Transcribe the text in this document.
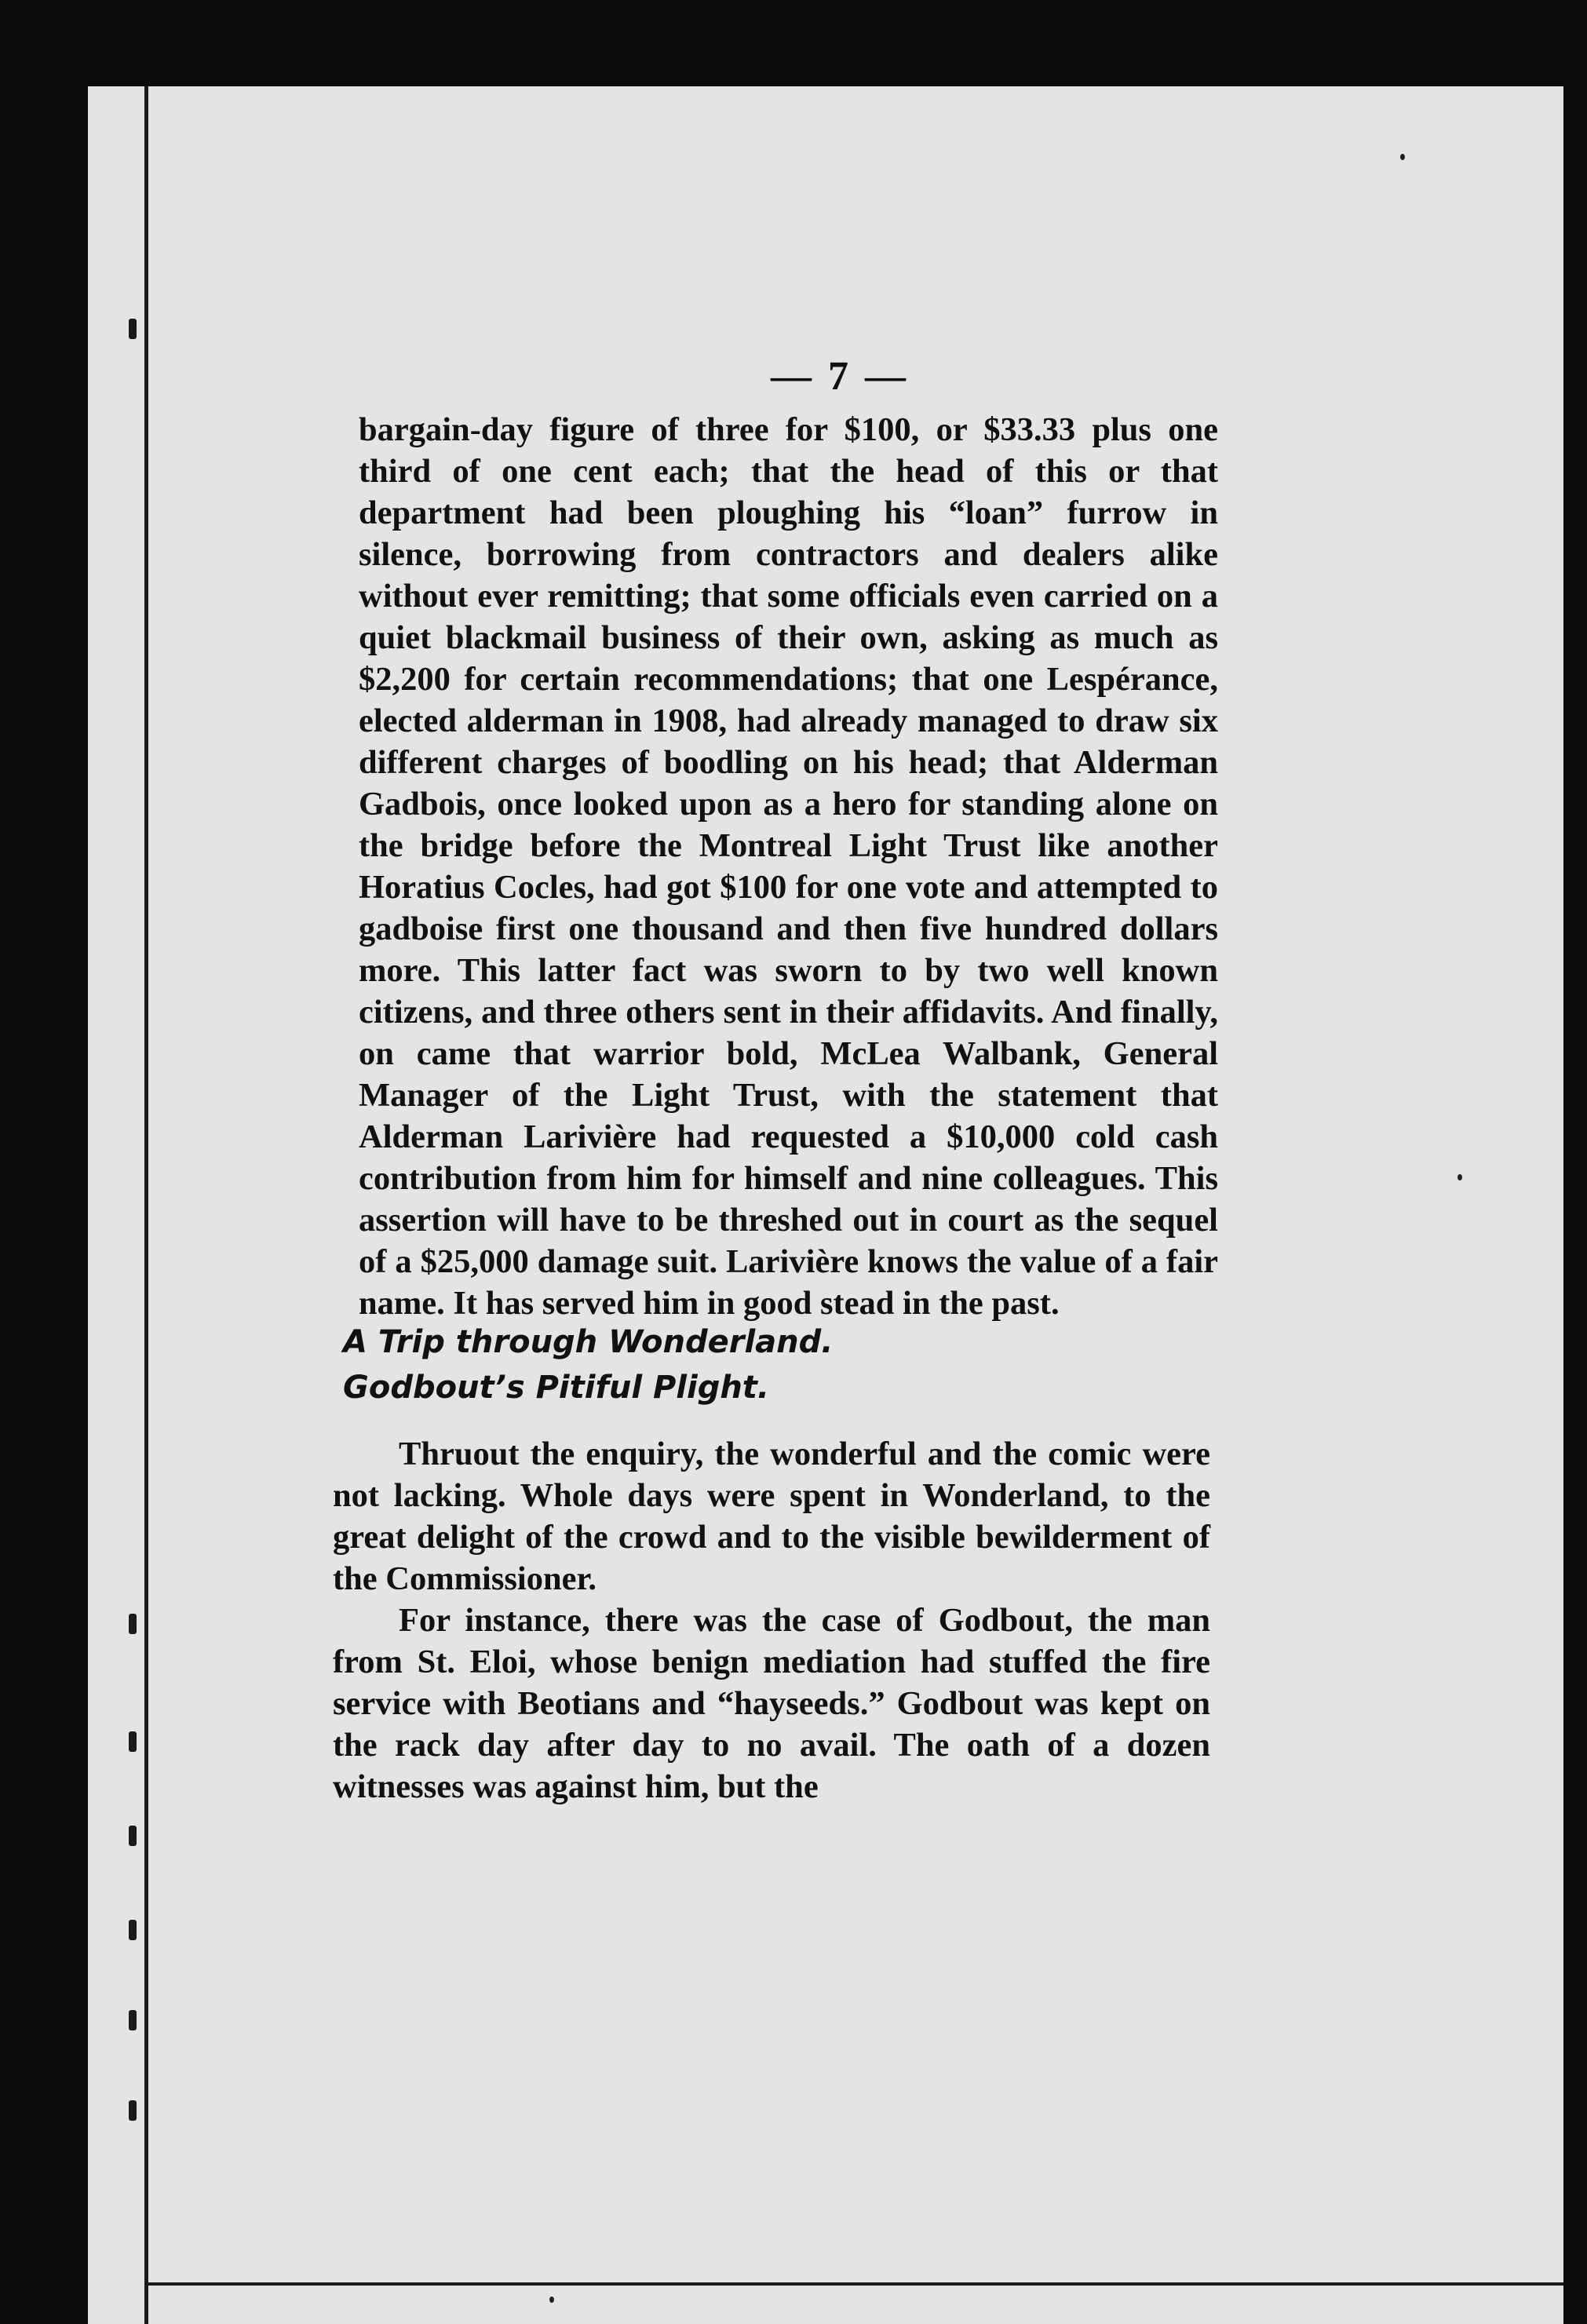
— 7 —

bargain-day figure of three for $100, or $33.33 plus one third of one cent each; that the head of this or that department had been ploughing his “loan” furrow in silence, borrowing from contractors and dealers alike without ever remitting; that some officials even carried on a quiet blackmail business of their own, asking as much as $2,200 for certain recommendations; that one Lespérance, elected alderman in 1908, had already managed to draw six different charges of boodling on his head; that Alderman Gadbois, once looked upon as a hero for standing alone on the bridge before the Montreal Light Trust like another Horatius Cocles, had got $100 for one vote and attempted to gadboise first one thousand and then five hundred dollars more. This latter fact was sworn to by two well known citizens, and three others sent in their affidavits. And finally, on came that warrior bold, McLea Walbank, General Manager of the Light Trust, with the statement that Alderman Larivière had requested a $10,000 cold cash contribution from him for himself and nine colleagues. This assertion will have to be threshed out in court as the sequel of a $25,000 damage suit. Larivière knows the value of a fair name. It has served him in good stead in the past.

A Trip through Wonderland.
Godbout’s Pitiful Plight.

Thruout the enquiry, the wonderful and the comic were not lacking. Whole days were spent in Wonderland, to the great delight of the crowd and to the visible bewilderment of the Commissioner.

For instance, there was the case of Godbout, the man from St. Eloi, whose benign mediation had stuffed the fire service with Beotians and “hayseeds.” Godbout was kept on the rack day after day to no avail. The oath of a dozen witnesses was against him, but the
